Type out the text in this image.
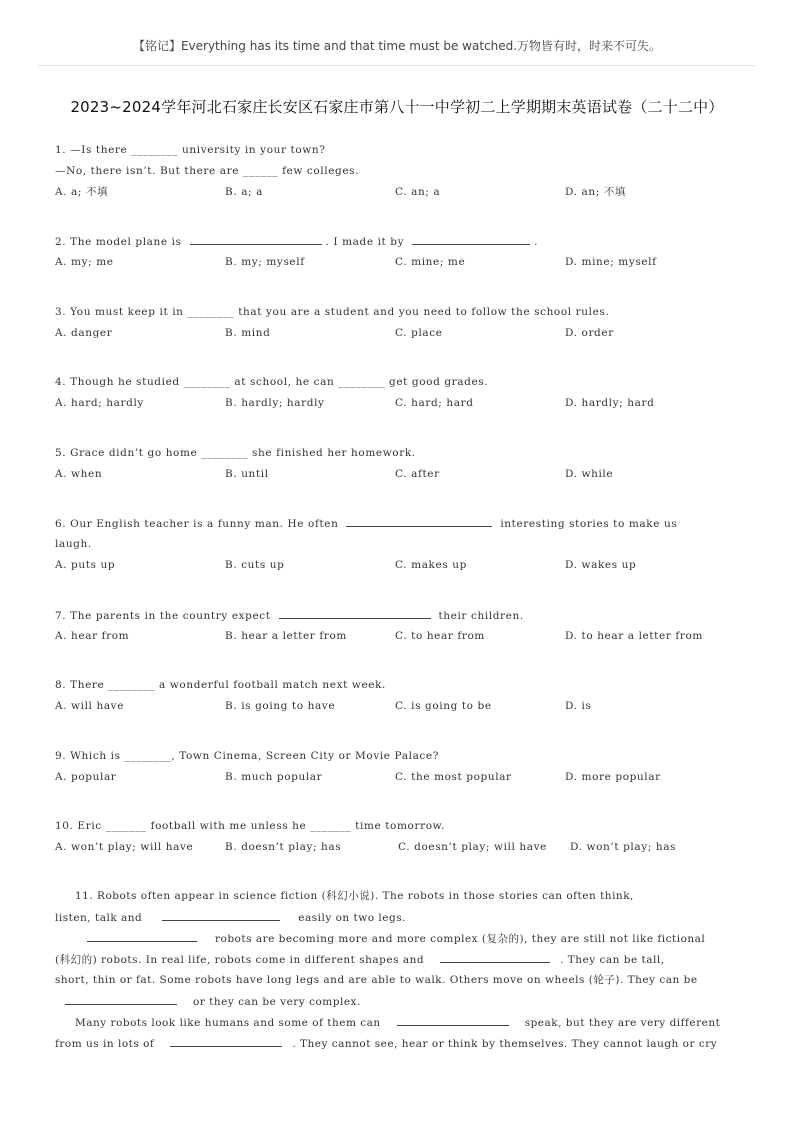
【铭记】Everything has its time and that time must be watched.万物皆有时，时来不可失。
2023~2024学年河北石家庄长安区石家庄市第八十一中学初二上学期期末英语试卷（二十二中）
1. —Is there ________ university in your town?
—No, there isn’t. But there are ______ few colleges.
A. a; 不填	B. a; a	C. an; a	D. an; 不填
2. The model plane is	. I made it by	.
A. my; me	B. my; myself	C. mine; me	D. mine; myself
3. You must keep it in ________ that you are a student and you need to follow the school rules.
A. danger	B. mind	C. place	D. order
4. Though he studied ________ at school, he can ________ get good grades.
A. hard; hardly	B. hardly; hardly	C. hard; hard	D. hardly; hard
5. Grace didn’t go home ________ she finished her homework.
A. when	B. until	C. after	D. while
6. Our English teacher is a funny man. He often	interesting stories to make us
laugh.
A. puts up	B. cuts up	C. makes up	D. wakes up
7. The parents in the country expect	their children.
A. hear from	B. hear a letter from	C. to hear from	D. to hear a letter from
8. There ________ a wonderful football match next week.
A. will have	B. is going to have	C. is going to be	D. is
9. Which is ________, Town Cinema, Screen City or Movie Palace?
A. popular	B. much popular	C. the most popular	D. more popular
10. Eric _______ football with me unless he _______ time tomorrow.
A. won’t play; will have	B. doesn’t play; has	C. doesn’t play; will have D. won’t play; has
11. Robots often appear in science fiction (科幻小说). The robots in those stories can often think,
listen, talk and	easily on two legs.
robots are becoming more and more complex (复杂的), they are still not like fictional
(科幻的) robots. In real life, robots come in different shapes and	. They can be tall,
short, thin or fat. Some robots have long legs and are able to walk. Others move on wheels (轮子). They can be
or they can be very complex.
Many robots look like humans and some of them can	speak, but they are very different
from us in lots of	. They cannot see, hear or think by themselves. They cannot laugh or cry
